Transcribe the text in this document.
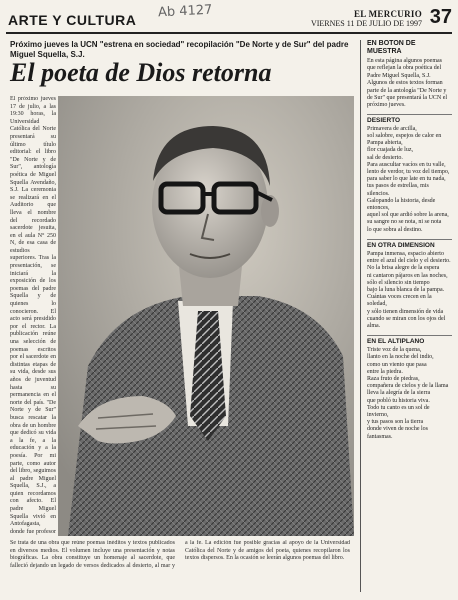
ARTE Y CULTURA Ab 4127	EL MERCURIO
VIERNES 11 DE JULIO DE 1997 37
Próximo jueves la UCN "estrena en sociedad" recopilación "De Norte y de Sur" del padre Miguel Squella, S.J.
El poeta de Dios retorna
El próximo jueves 17 de julio, a las 19:30 horas, la Universidad Católica del Norte presentará su último título editorial: el libro "De Norte y de Sur", antología poética de Miguel Squella Avendaño, S.J. La ceremonia se realizará en el Auditorio que lleva el nombre del recordado sacerdote jesuita, en el aula N° 250 N, de esa casa de estudios superiores. Tras la presentación, se iniciará la exposición de los poemas del padre Squella y de quienes lo conocieron. El acto será presidido por el rector. La publicación reúne una selección de poemas escritos por el sacerdote en distintas etapas de su vida, desde sus años de juventud hasta su permanencia en el norte del país. "De Norte y de Sur" busca rescatar la obra de un hombre que dedicó su vida a la fe, a la educación y a la poesía. Por mi parte, como autor del libro, seguimos al padre Miguel Squella, S.J., a quien recordamos con afecto. El padre Miguel Squella vivió en Antofagasta, donde fue profesor
Se trata de una obra que reúne poemas inéditos y textos publicados en diversos medios. El volumen incluye una presentación y notas biográficas. La obra constituye un homenaje al sacerdote, que falleció dejando un legado de versos dedicados al desierto, al mar y a la fe. La edición fue posible gracias al apoyo de la Universidad Católica del Norte y de amigos del poeta, quienes recopilaron los textos dispersos. En la ocasión se leerán algunos poemas del libro.
EN BOTON DE MUESTRA
En esta página algunos poemas que reflejan la obra poética del Padre Miguel Squella, S.J. Algunos de estos textos forman parte de la antología "De Norte y de Sur" que presentará la UCN el próximo jueves.
DESIERTO
Primavera de arcilla,
sol salobre, espejos de calor en
Pampa abierta,
flor cuajada de luz,
sal de desierto.
Para auscultar vacíos en tu valle,
lento de verdor, tu voz del tiempo,
para saber lo que late en tu nada,
tus pasos de estrellas, mis silencios.
Galopando la historia, desde entonces,
aquel sol que ardió sobre la arena,
su sangre no se nota, ni se nota
lo que sobra al destino.
EN OTRA DIMENSION
Pampa inmensa, espacio abierto
entre el azul del cielo y el desierto.
No la brisa alegre de la espera
ni cantaron pájaros en las noches,
sólo el silencio sin tiempo
bajo la luna blanca de la pampa.
Cuántas voces crecen en la soledad,
y sólo tienen dimensión de vida
cuando se miran con los ojos del alma.
EN EL ALTIPLANO
Triste voz de la quena,
llanto en la noche del indio,
como un viento que pasa
entre la piedra.
Raza fruto de piedras,
compañera de cielos y de la llama
lleva la alegría de la sierra
que pobló tu historia viva.
Todo tu canto es un sol de invierno,
y tus pasos son la tierra
donde viven de noche los fantasmas.
